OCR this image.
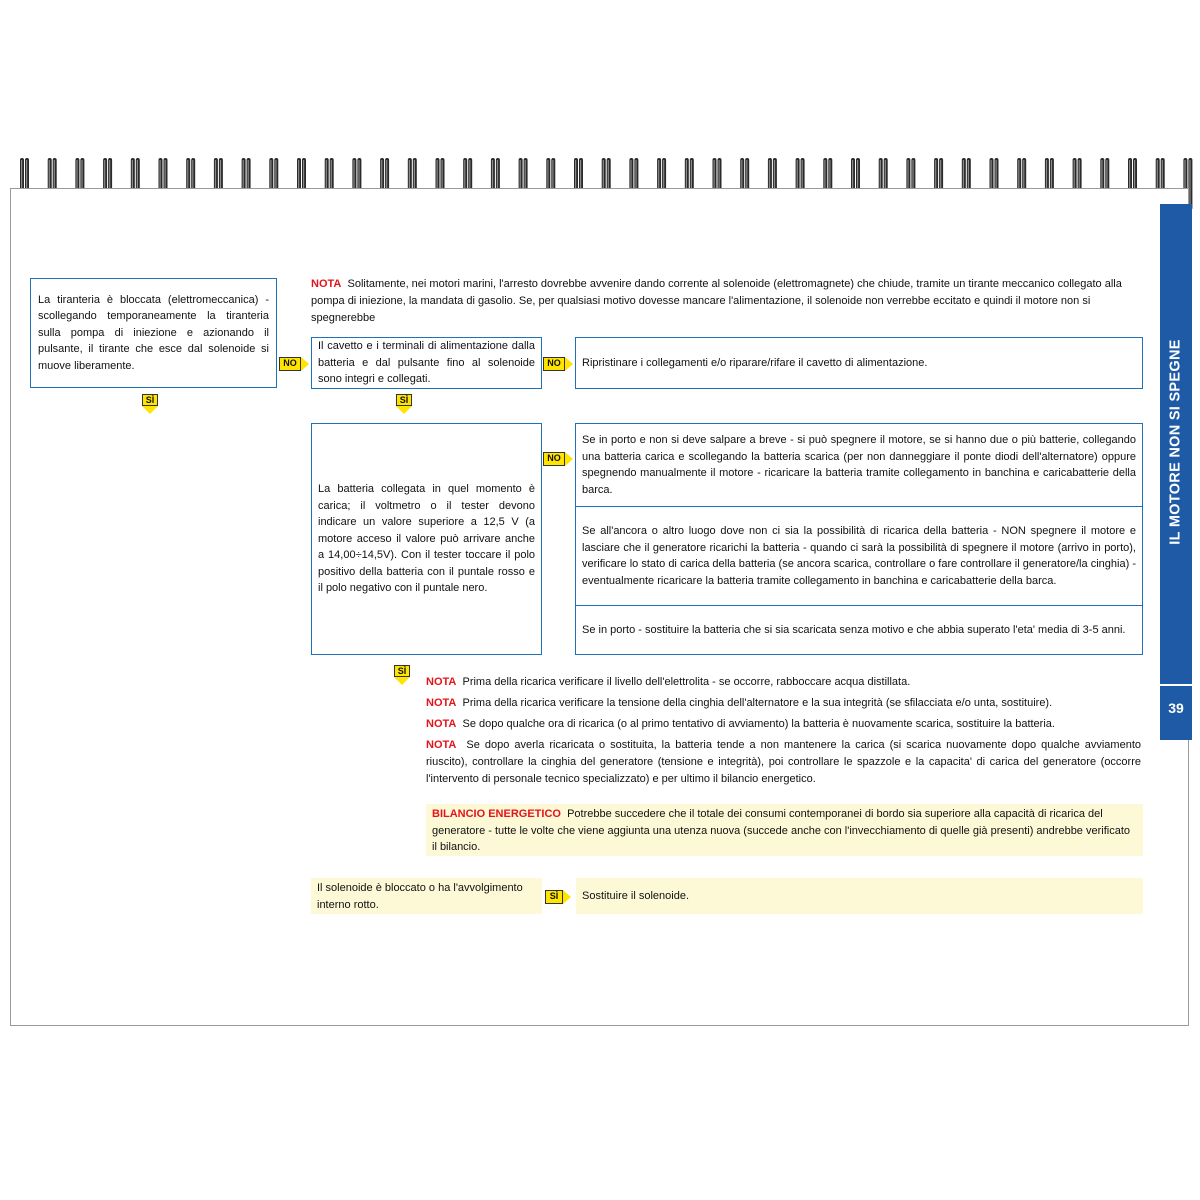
IL MOTORE NON SI SPEGNE
39
NOTA Solitamente, nei motori marini, l'arresto dovrebbe avvenire dando corrente al solenoide (elettromagnete) che chiude, tramite un tirante meccanico collegato alla pompa di iniezione, la mandata di gasolio. Se, per qualsiasi motivo dovesse mancare l'alimentazione, il solenoide non verrebbe eccitato e quindi il motore non si spegnerebbe

La tiranteria è bloccata (elettromeccanica) - scollegando temporaneamente la tiranteria sulla pompa di iniezione e azionando il pulsante, il tirante che esce dal solenoide si muove liberamente.	NO
SÌ

Il cavetto e i terminali di alimentazione dalla batteria e dal pulsante fino al solenoide sono integri e collegati.

NO	Ripristinare i collegamenti e/o riparare/rifare il cavetto di alimentazione.

SÌ

La batteria collegata in quel momento è carica; il voltmetro o il tester devono indicare un valore superiore a 12,5 V (a motore acceso il valore può arrivare anche a 14,00÷14,5V). Con il tester toccare il polo positivo della batteria con il puntale rosso e il polo negativo con il puntale nero.

NO

Se in porto e non si deve salpare a breve - si può spegnere il motore, se si hanno due o più batterie, collegando una batteria carica e scollegando la batteria scarica (per non danneggiare il ponte diodi dell'alternatore) oppure spegnendo manualmente il motore - ricaricare la batteria tramite collegamento in banchina e caricabatterie della barca.

Se all'ancora o altro luogo dove non ci sia la possibilità di ricarica della batteria - NON spegnere il motore e lasciare che il generatore ricarichi la batteria - quando ci sarà la possibilità di spegnere il motore (arrivo in porto), verificare lo stato di carica della batteria (se ancora scarica, controllare o fare controllare il generatore/la cinghia) - eventualmente ricaricare la batteria tramite collegamento in banchina e caricabatterie della barca.

Se in porto - sostituire la batteria che si sia scaricata senza motivo e che abbia superato l'eta' media di 3-5 anni.

SÌ

NOTA Prima della ricarica verificare il livello dell'elettrolita - se occorre, rabboccare acqua distillata.

NOTA Prima della ricarica verificare la tensione della cinghia dell'alternatore e la sua integrità (se sfilacciata e/o unta, sostituire).

NOTA Se dopo qualche ora di ricarica (o al primo tentativo di avviamento) la batteria è nuovamente scarica, sostituire la batteria.

NOTA Se dopo averla ricaricata o sostituita, la batteria tende a non mantenere la carica (si scarica nuovamente dopo qualche avviamento riuscito), controllare la cinghia del generatore (tensione e integrità), poi controllare le spazzole e la capacita' di carica del generatore (occorre l'intervento di personale tecnico specializzato) e per ultimo il bilancio energetico.

BILANCIO ENERGETICO Potrebbe succedere che il totale dei consumi contemporanei di bordo sia superiore alla capacità di ricarica del generatore - tutte le volte che viene aggiunta una utenza nuova (succede anche con l'invecchiamento di quelle già presenti) andrebbe verificato il bilancio.
Il solenoide è bloccato o ha l'avvolgimento interno rotto.
SÌ	Sostituire il solenoide.
